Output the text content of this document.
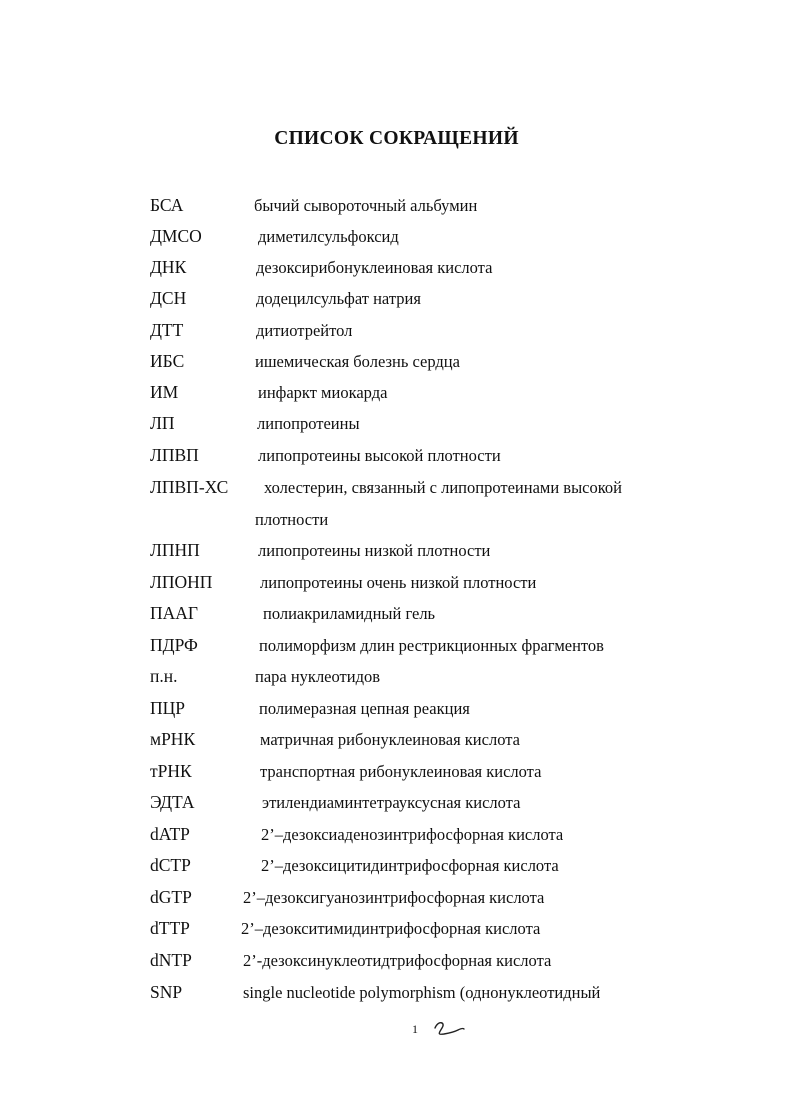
СПИСОК СОКРАЩЕНИЙ
БСА	бычий сывороточный альбумин
ДМСО	диметилсульфоксид
ДНК	дезоксирибонуклеиновая кислота
ДСН	додецилсульфат натрия
ДТТ	дитиотрейтол
ИБС	ишемическая болезнь сердца
ИМ	инфаркт миокарда
ЛП	липопротеины
ЛПВП	липопротеины высокой плотности
ЛПВП-ХС холестерин, связанный с липопротеинами высокой
плотности
ЛПНП	липопротеины низкой плотности
ЛПОНП	липопротеины очень низкой плотности
ПААГ	полиакриламидный гель
ПДРФ	полиморфизм длин рестрикционных фрагментов
п.н.	пара нуклеотидов
ПЦР	полимеразная цепная реакция
мРНК	матричная рибонуклеиновая кислота
тРНК	транспортная рибонуклеиновая кислота
ЭДТА	этилендиаминтетрауксусная кислота
dATP	2’–дезоксиаденозинтрифосфорная кислота
dCTP	2’–дезоксицитидинтрифосфорная кислота
dGTP	2’–дезоксигуанозинтрифосфорная кислота
dTTP	2’–дезокситимидинтрифосфорная кислота
dNTP	2’-дезоксинуклеотидтрифосфорная кислота
SNP	single nucleotide polymorphism (однонуклеотидный
1
